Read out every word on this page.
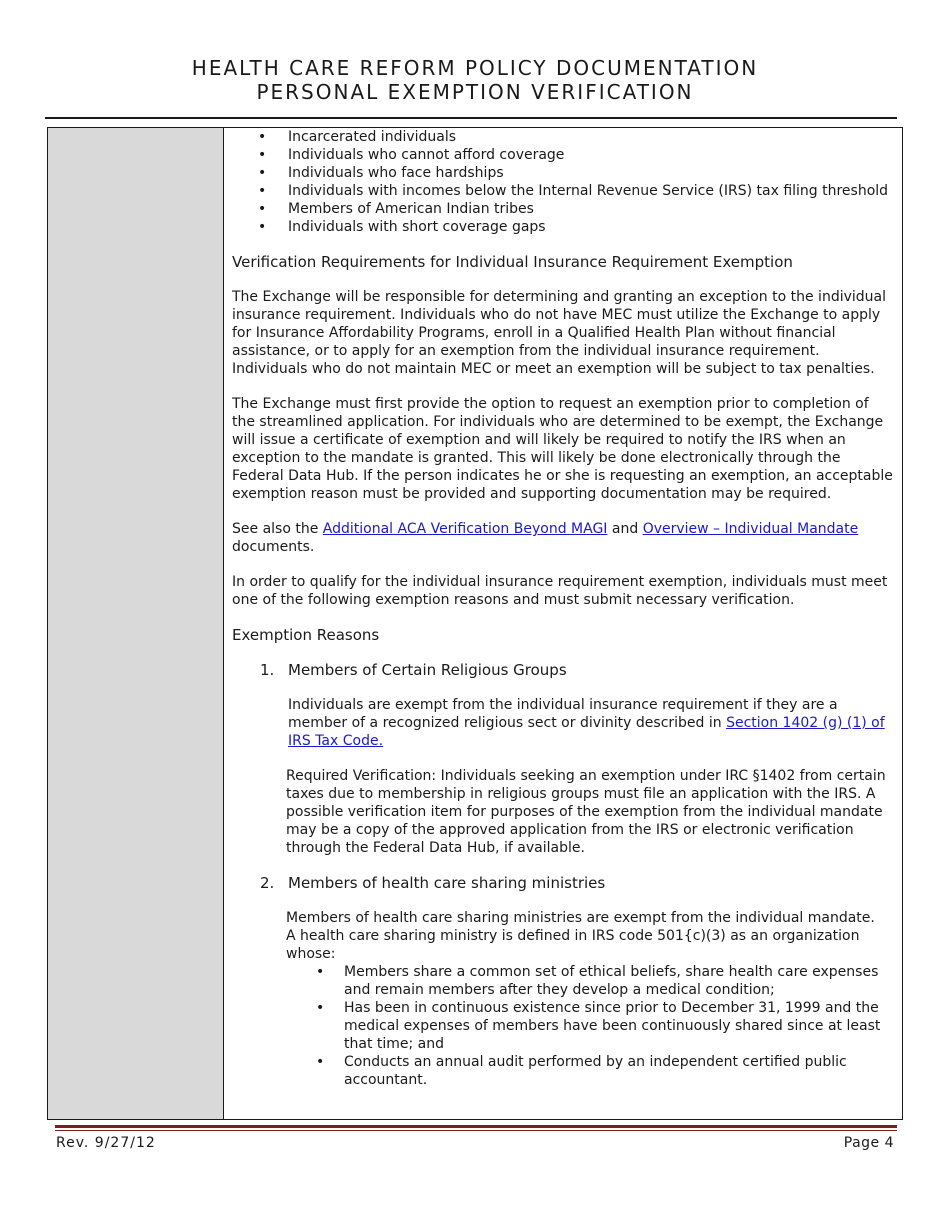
HEALTH CARE REFORM POLICY DOCUMENTATION
PERSONAL EXEMPTION VERIFICATION
• Incarcerated individuals
• Individuals who cannot afford coverage
• Individuals who face hardships
• Individuals with incomes below the Internal Revenue Service (IRS) tax filing threshold
• Members of American Indian tribes
• Individuals with short coverage gaps
Verification Requirements for Individual Insurance Requirement Exemption

The Exchange will be responsible for determining and granting an exception to the individual insurance requirement. Individuals who do not have MEC must utilize the Exchange to apply for Insurance Affordability Programs, enroll in a Qualified Health Plan without financial assistance, or to apply for an exemption from the individual insurance requirement. Individuals who do not maintain MEC or meet an exemption will be subject to tax penalties.

The Exchange must first provide the option to request an exemption prior to completion of the streamlined application. For individuals who are determined to be exempt, the Exchange will issue a certificate of exemption and will likely be required to notify the IRS when an exception to the mandate is granted. This will likely be done electronically through the Federal Data Hub. If the person indicates he or she is requesting an exemption, an acceptable exemption reason must be provided and supporting documentation may be required.

See also the Additional ACA Verification Beyond MAGI and Overview – Individual Mandate documents.

In order to qualify for the individual insurance requirement exemption, individuals must meet one of the following exemption reasons and must submit necessary verification.

Exemption Reasons
1. Members of Certain Religious Groups

Individuals are exempt from the individual insurance requirement if they are a member of a recognized religious sect or divinity described in Section 1402 (g) (1) of IRS Tax Code.

Required Verification: Individuals seeking an exemption under IRC §1402 from certain taxes due to membership in religious groups must file an application with the IRS. A possible verification item for purposes of the exemption from the individual mandate may be a copy of the approved application from the IRS or electronic verification through the Federal Data Hub, if available.

2. Members of health care sharing ministries

Members of health care sharing ministries are exempt from the individual mandate.
A health care sharing ministry is defined in IRS code 501{c)(3) as an organization whose:

• Members share a common set of ethical beliefs, share health care expenses and remain members after they develop a medical condition;
• Has been in continuous existence since prior to December 31, 1999 and the medical expenses of members have been continuously shared since at least that time; and
• Conducts an annual audit performed by an independent certified public accountant.
Rev. 9/27/12	Page 4
